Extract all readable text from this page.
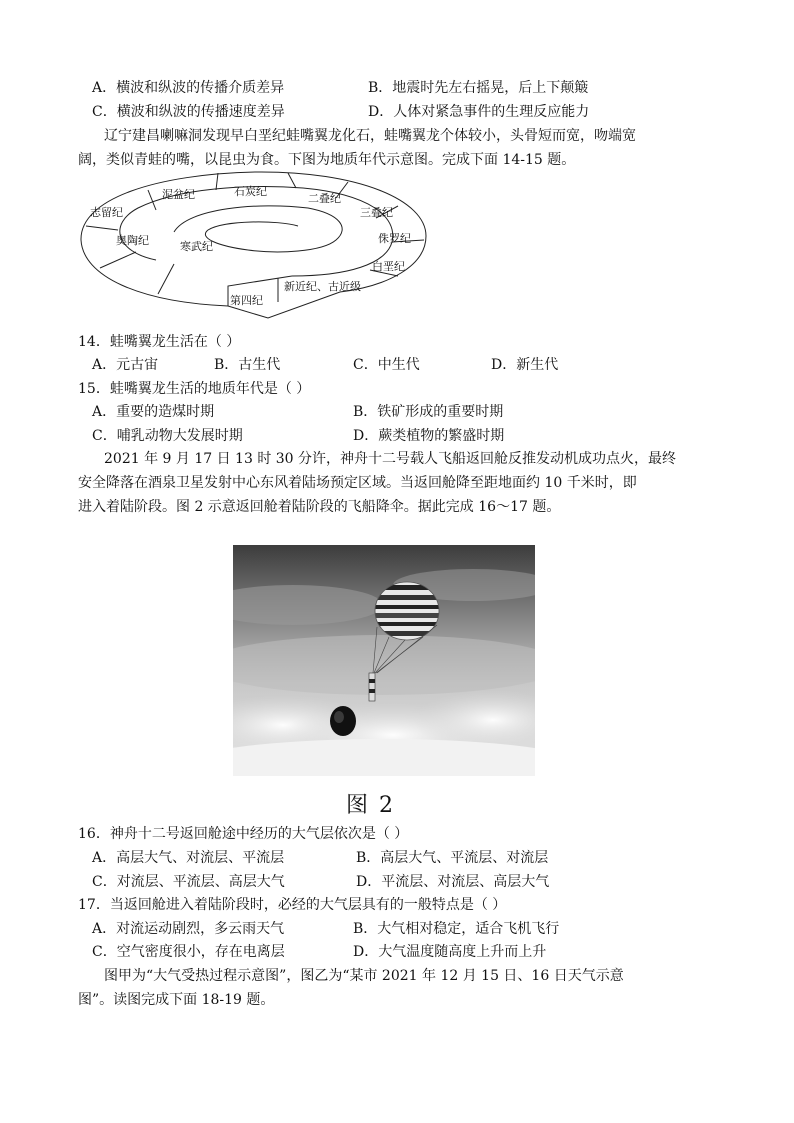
A．横波和纵波的传播介质差异	B．地震时先左右摇晃，后上下颠簸
C．横波和纵波的传播速度差异	D．人体对紧急事件的生理反应能力
辽宁建昌喇嘛洞发现早白垩纪蛙嘴翼龙化石，蛙嘴翼龙个体较小，头骨短而宽，吻端宽
阔，类似青蛙的嘴，以昆虫为食。下图为地质年代示意图。完成下面 14-15 题。
泥盆纪	石炭纪
二叠纪
三叠纪
志留纪
侏罗纪
奥陶纪	寒武纪
白垩纪
新近纪、古近级
第四纪
14．蛙嘴翼龙生活在（ ）
A．元古宙	B．古生代	C．中生代	D．新生代
15．蛙嘴翼龙生活的地质年代是（ ）
A．重要的造煤时期	B．铁矿形成的重要时期
C．哺乳动物大发展时期	D．蕨类植物的繁盛时期
2021 年 9 月 17 日 13 时 30 分许，神舟十二号载人飞船返回舱反推发动机成功点火，最终
安全降落在酒泉卫星发射中心东风着陆场预定区域。当返回舱降至距地面约 10 千米时，即
进入着陆阶段。图 2 示意返回舱着陆阶段的飞船降伞。据此完成 16～17 题。
图 2
16．神舟十二号返回舱途中经历的大气层依次是（ ）
A．高层大气、对流层、平流层	B．高层大气、平流层、对流层
C．对流层、平流层、高层大气	D．平流层、对流层、高层大气
17．当返回舱进入着陆阶段时，必经的大气层具有的一般特点是（ ）
A．对流运动剧烈，多云雨天气	B．大气相对稳定，适合飞机飞行
C．空气密度很小，存在电离层	D．大气温度随高度上升而上升
图甲为“大气受热过程示意图”，图乙为“某市 2021 年 12 月 15 日、16 日天气示意
图”。读图完成下面 18-19 题。
